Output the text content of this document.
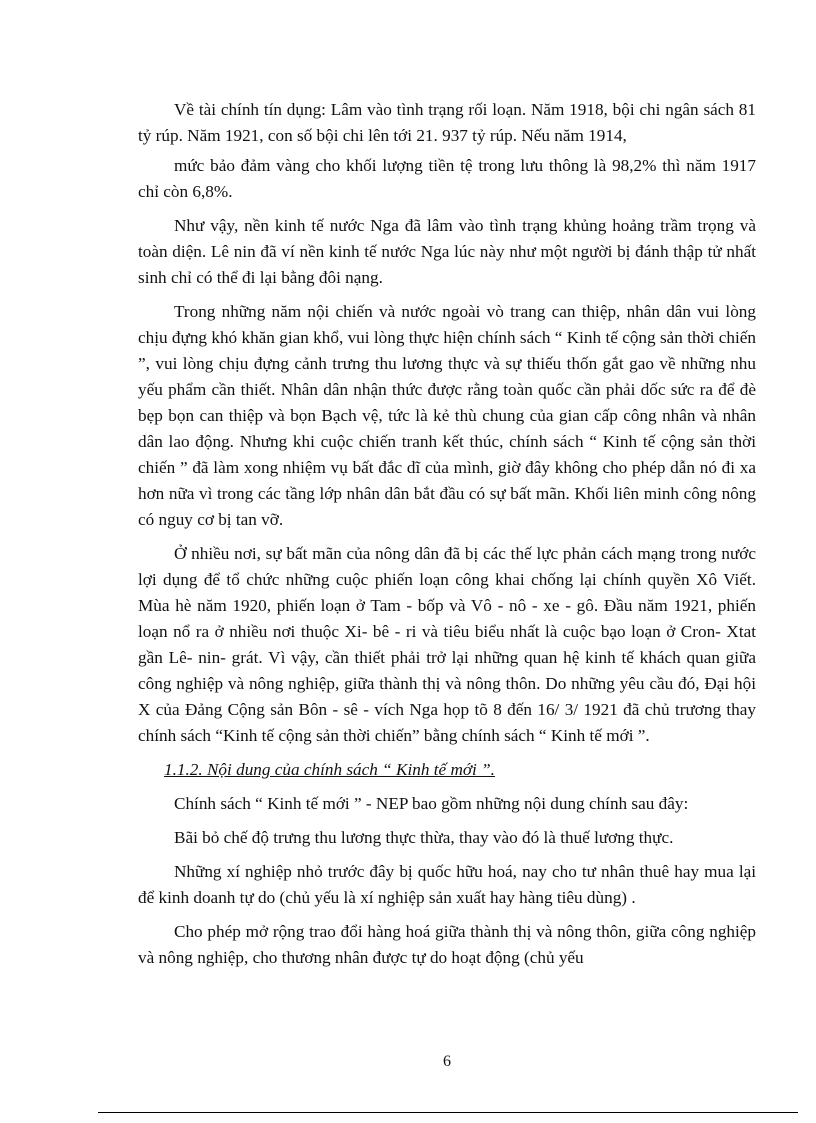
Về tài chính tín dụng: Lâm vào tình trạng rối loạn. Năm 1918, bội chi ngân sách 81 tỷ rúp. Năm 1921, con số bội chi lên tới 21. 937 tỷ rúp. Nếu năm 1914,

mức bảo đảm vàng cho khối lượng tiền tệ trong lưu thông là 98,2% thì năm 1917 chỉ còn 6,8%.

Như vậy, nền kinh tế nước Nga đã lâm vào tình trạng khủng hoảng trầm trọng và toàn diện. Lê nin đã ví nền kinh tế nước Nga lúc này như một người bị đánh thập tử nhất sinh chỉ có thể đi lại bằng đôi nạng.

Trong những năm nội chiến và nước ngoài vò trang can thiệp, nhân dân vui lòng chịu đựng khó khăn gian khổ, vui lòng thực hiện chính sách “ Kinh tế cộng sản thời chiến ”, vui lòng chịu đựng cảnh trưng thu lương thực và sự thiếu thốn gắt gao về những nhu yếu phẩm cần thiết. Nhân dân nhận thức được rằng toàn quốc cần phải dốc sức ra để đè bẹp bọn can thiệp và bọn Bạch vệ, tức là kẻ thù chung của gian cấp công nhân và nhân dân lao động. Nhưng khi cuộc chiến tranh kết thúc, chính sách “ Kinh tế cộng sản thời chiến ” đã làm xong nhiệm vụ bất đắc dĩ của mình, giờ đây không cho phép dẫn nó đi xa hơn nữa vì trong các tầng lớp nhân dân bắt đầu có sự bất mãn. Khối liên minh công nông có nguy cơ bị tan vỡ.

Ở nhiều nơi, sự bất mãn của nông dân đã bị các thế lực phản cách mạng trong nước lợi dụng để tổ chức những cuộc phiến loạn công khai chống lại chính quyền Xô Viết. Mùa hè năm 1920, phiến loạn ở Tam - bốp và Vô - nô - xe - gô. Đầu năm 1921, phiến loạn nổ ra ở nhiều nơi thuộc Xi- bê - ri và tiêu biểu nhất là cuộc bạo loạn ở Cron- Xtat gần Lê- nin- grát. Vì vậy, cần thiết phải trở lại những quan hệ kinh tế khách quan giữa công nghiệp và nông nghiệp, giữa thành thị và nông thôn. Do những yêu cầu đó, Đại hội X của Đảng Cộng sản Bôn - sê - vích Nga họp tõ 8 đến 16/ 3/ 1921 đã chủ trương thay chính sách “Kinh tế cộng sản thời chiến” bằng chính sách “ Kinh tế mới ”.

1.1.2. Nội dung của chính sách “ Kinh tế mới ”.

Chính sách “ Kinh tế mới ” - NEP bao gồm những nội dung chính sau đây:

Bãi bỏ chế độ trưng thu lương thực thừa, thay vào đó là thuế lương thực.

Những xí nghiệp nhỏ trước đây bị quốc hữu hoá, nay cho tư nhân thuê hay mua lại để kinh doanh tự do (chủ yếu là xí nghiệp sản xuất hay hàng tiêu dùng) .

Cho phép mở rộng trao đổi hàng hoá giữa thành thị và nông thôn, giữa công nghiệp và nông nghiệp, cho thương nhân được tự do hoạt động (chủ yếu

6
